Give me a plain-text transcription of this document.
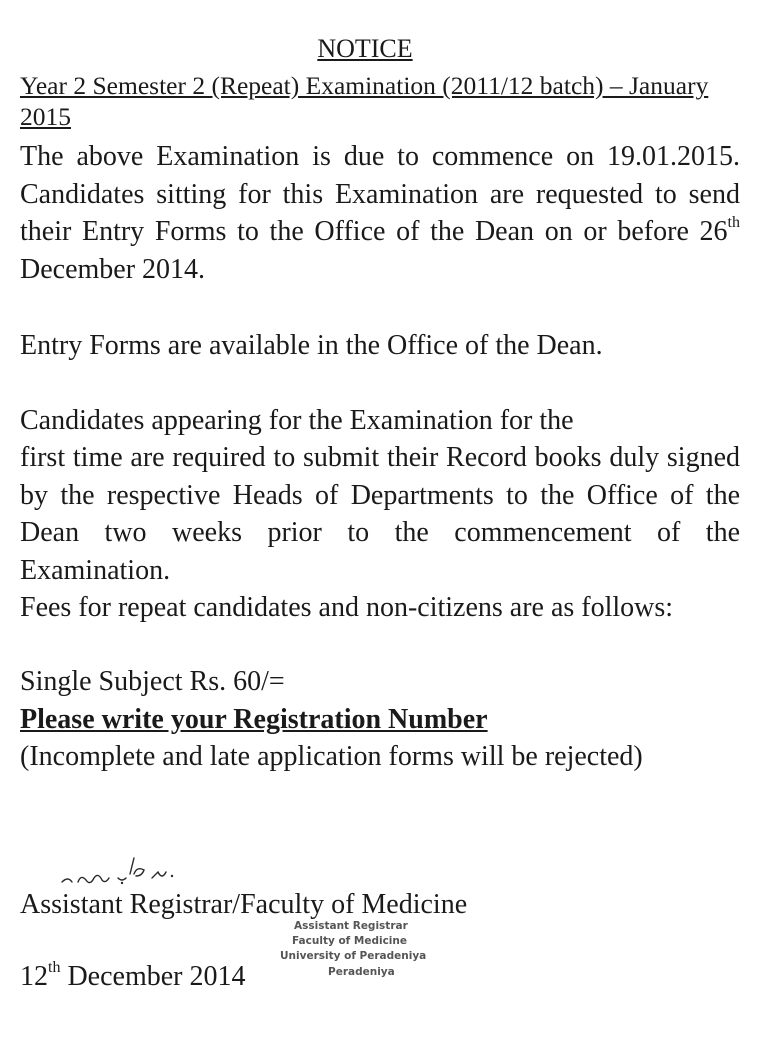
NOTICE
Year 2 Semester 2 (Repeat) Examination (2011/12 batch) – January 2015
The above Examination is due to commence on 19.01.2015. Candidates sitting for this Examination are requested to send their Entry Forms to the Office of the Dean on or before 26th December 2014.
Entry Forms are available in the Office of the Dean.
Candidates appearing for the Examination for the
first time are required to submit their Record books duly signed by the respective Heads of Departments to the Office of the Dean two weeks prior to the commencement of the Examination.
Fees for repeat candidates and non-citizens are as follows:
Single Subject Rs. 60/=
Please write your Registration Number
(Incomplete and late application forms will be rejected)
Assistant Registrar/Faculty of Medicine
Assistant Registrar
Faculty of Medicine
University of Peradeniya
Peradeniya
12th December 2014
